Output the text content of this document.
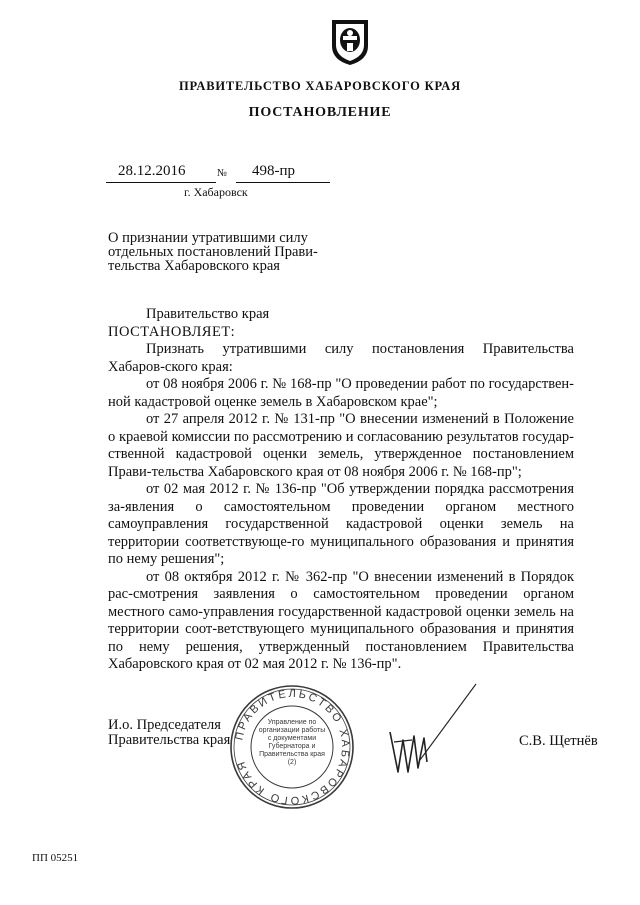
ПРАВИТЕЛЬСТВО ХАБАРОВСКОГО КРАЯ
ПОСТАНОВЛЕНИЕ
28.12.2016	№ 498-пр
г. Хабаровск
О признании утратившими силу
отдельных постановлений Прави-
тельства Хабаровского края

Правительство края

ПОСТАНОВЛЯЕТ:

Признать утратившими силу постановления Правительства Хабаров-ского края:

от 08 ноября 2006 г. № 168-пр "О проведении работ по государствен-ной кадастровой оценке земель в Хабаровском крае";

от 27 апреля 2012 г. № 131-пр "О внесении изменений в Положение о краевой комиссии по рассмотрению и согласованию результатов государ-ственной кадастровой оценки земель, утвержденное постановлением Прави-тельства Хабаровского края от 08 ноября 2006 г. № 168-пр";

от 02 мая 2012 г. № 136-пр "Об утверждении порядка рассмотрения за-явления о самостоятельном проведении органом местного самоуправления государственной кадастровой оценки земель на территории соответствующе-го муниципального образования и принятия по нему решения";

от 08 октября 2012 г. № 362-пр "О внесении изменений в Порядок рас-смотрения заявления о самостоятельном проведении органом местного само-управления государственной кадастровой оценки земель на территории соот-ветствующего муниципального образования и принятия по нему решения, утвержденный постановлением Правительства Хабаровского края от 02 мая 2012 г. № 136-пр".

И.о. Председателя
Правительства края ПРАВИТЕЛЬСТВО ХАБАРОВСКОГО КРАЯ
Управление по организации работы с документами Губернатора и Правительства края (2)
С.В. Щетнёв
ПП 05251
